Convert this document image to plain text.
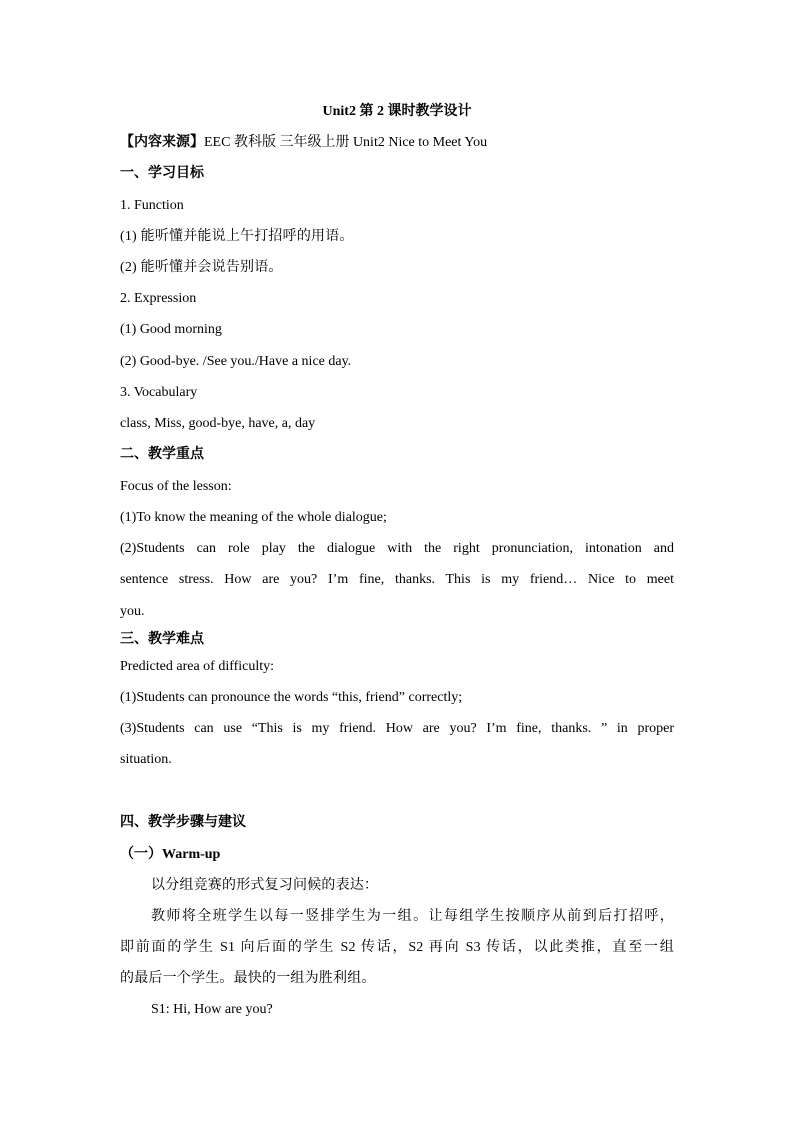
Unit2 第 2 课时教学设计
【内容来源】EEC 教科版 三年级上册 Unit2 Nice to Meet You
一、学习目标
1. Function
(1) 能听懂并能说上午打招呼的用语。
(2) 能听懂并会说告别语。
2. Expression
(1) Good morning
(2) Good-bye. /See you./Have a nice day.
3. Vocabulary
class, Miss, good-bye, have, a, day
二、教学重点
Focus of the lesson:
(1)To know the meaning of the whole dialogue;
(2)Students can role play the dialogue with the right pronunciation, intonation and
sentence stress. How are you? I’m fine, thanks. This is my friend… Nice to meet
you.
三、教学难点
Predicted area of difficulty:
(1)Students can pronounce the words “this, friend” correctly;
(3)Students can use “This is my friend. How are you? I’m fine, thanks. ” in proper
situation.
四、教学步骤与建议
（一）Warm-up
以分组竞赛的形式复习问候的表达：
教师将全班学生以每一竖排学生为一组。让每组学生按顺序从前到后打招呼，
即前面的学生 S1 向后面的学生 S2 传话，S2 再向 S3 传话，以此类推，直至一组
的最后一个学生。最快的一组为胜利组。
S1: Hi, How are you?
